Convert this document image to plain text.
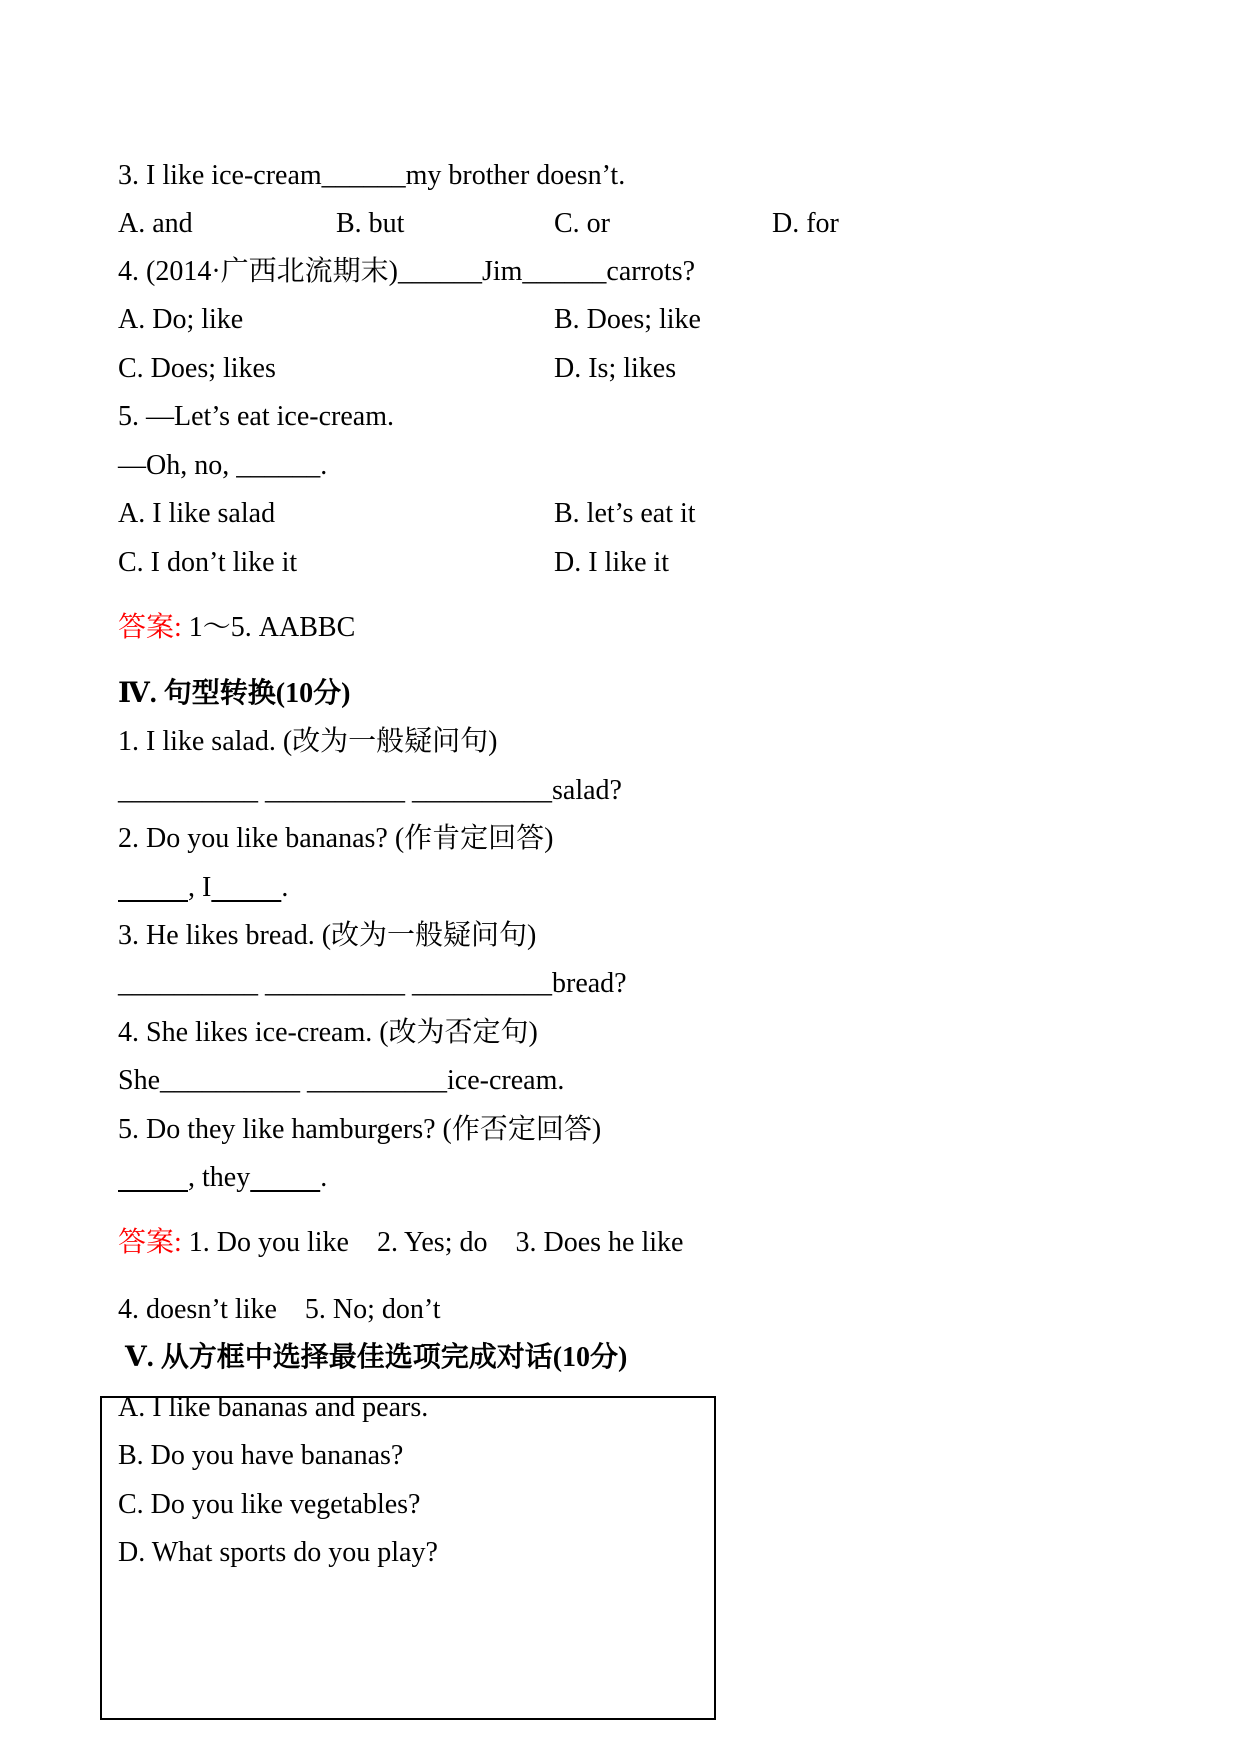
3. I like ice-cream______my brother doesn’t.
A. and	B. but	C. or	D. for
4. (2014·广西北流期末)______Jim______carrots?
A. Do; like	B. Does; like
C. Does; likes	D. Is; likes
5. —Let’s eat ice-cream.
—Oh, no, ______.
A. I like salad	B. let’s eat it
C. I don’t like it	D. I like it
答案: 1～5. AABBC
Ⅳ. 句型转换(10分)
1. I like salad. (改为一般疑问句)
__________ __________ __________salad?
2. Do you like bananas? (作肯定回答)
, I	.
3. He likes bread. (改为一般疑问句)
__________ __________ __________bread?
4. She likes ice-cream. (改为否定句)
She__________ __________ice-cream.
5. Do they like hamburgers? (作否定回答)
, they	.
答案: 1. Do you like    2. Yes; do    3. Does he like
4. doesn’t like    5. No; don’t
Ⅴ. 从方框中选择最佳选项完成对话(10分)
A. I like bananas and pears.
B. Do you have bananas?
C. Do you like vegetables?
D. What sports do you play?
